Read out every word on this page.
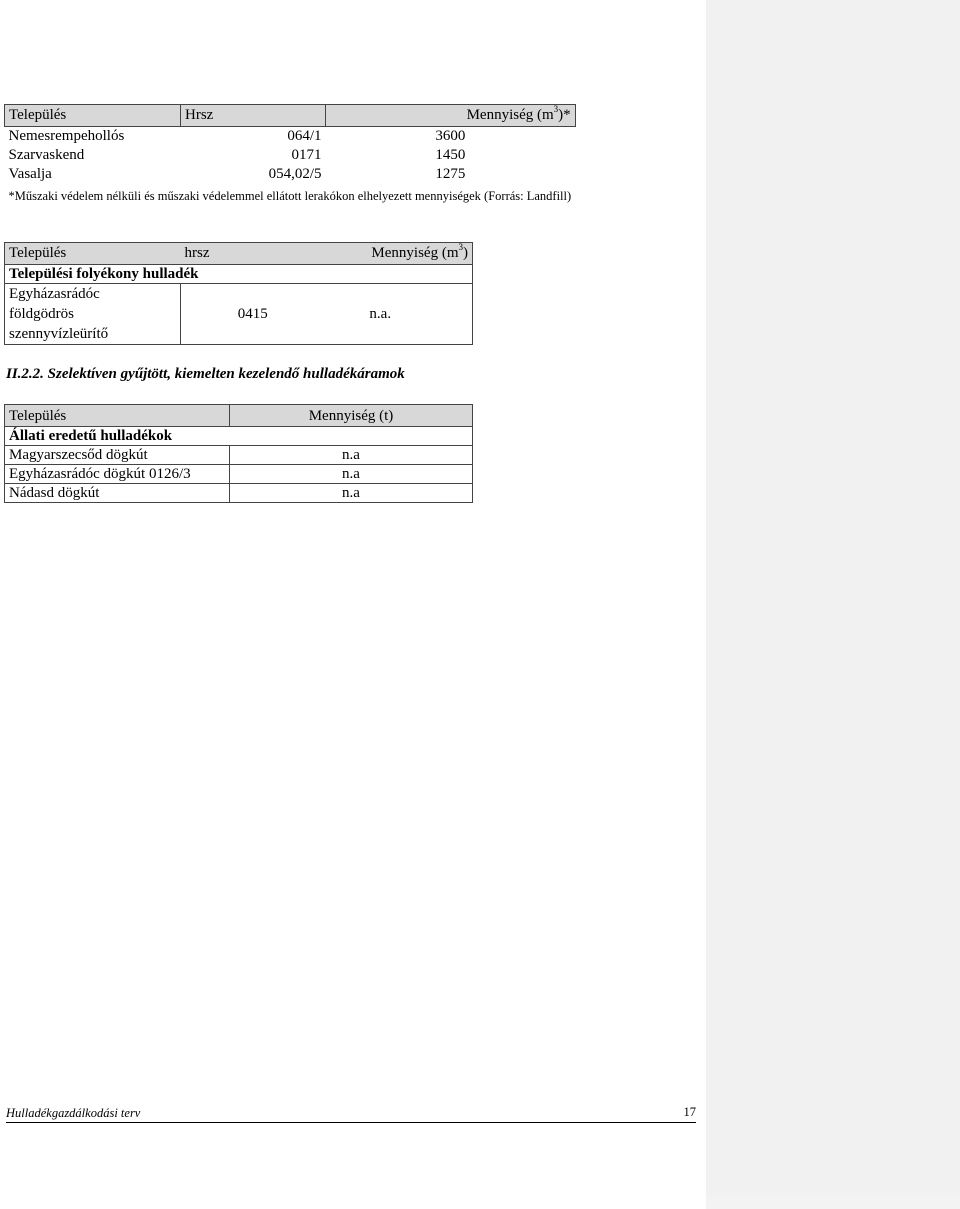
Település	Hrsz	Mennyiség $(m^3)*$
Nemesrempehollós	064/1	3600
Szarvaskend	0171	1450
Vasalja	054,02/5	1275
*Műszaki védelem nélküli és műszaki védelemmel ellátott lerakókon elhelyezett mennyiségek (Forrás: Landfill)		
Település	hrsz	Mennyiség $(m^3)$
Települési folyékony hulladék		

Egyházasrádóc
földgödrös
szennyvízleürítő	0415	n.a.
II.2.2. Szelektíven gyűjtött, kiemelten kezelendő hulladékáramok
Település	Mennyiség (t)
Állati eredetű hulladékok	
Magyarszecsőd dögkút	n.a
Egyházasrádóc dögkút 0126/3	n.a
Nádasd dögkút	n.a
Hulladékgazdálkodási terv	17
